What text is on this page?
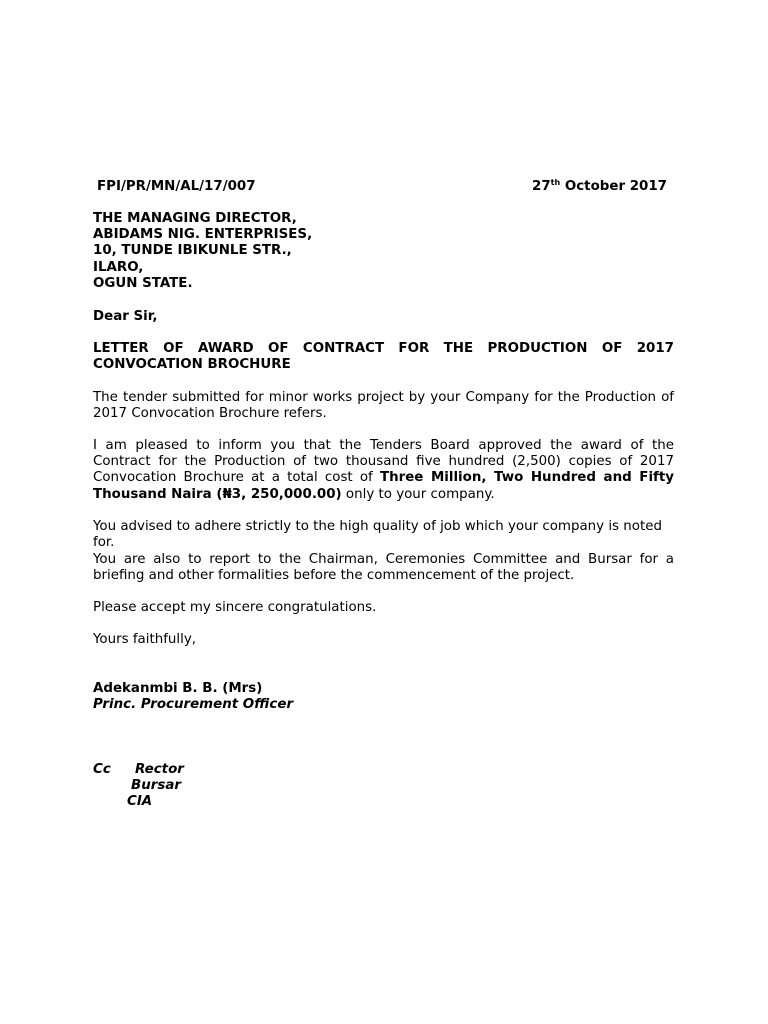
FPI/PR/MN/AL/17/007	27th October 2017
THE MANAGING DIRECTOR,
ABIDAMS NIG. ENTERPRISES,
10, TUNDE IBIKUNLE STR.,
ILARO,
OGUN STATE.
Dear Sir,
LETTER OF AWARD OF CONTRACT FOR THE PRODUCTION OF 2017 CONVOCATION BROCHURE
The tender submitted for minor works project by your Company for the Production of 2017 Convocation Brochure refers.
I am pleased to inform you that the Tenders Board approved the award of the Contract for the Production of two thousand five hundred (2,500) copies of 2017 Convocation Brochure at a total cost of Three Million, Two Hundred and Fifty Thousand Naira (₦3, 250,000.00) only to your company.
You advised to adhere strictly to the high quality of job which your company is noted for.
You are also to report to the Chairman, Ceremonies Committee and Bursar for a briefing and other formalities before the commencement of the project.
Please accept my sincere congratulations.
Yours faithfully,
Adekanmbi B. B. (Mrs)
Princ. Procurement Officer
Cc Rector
Bursar
CIA
